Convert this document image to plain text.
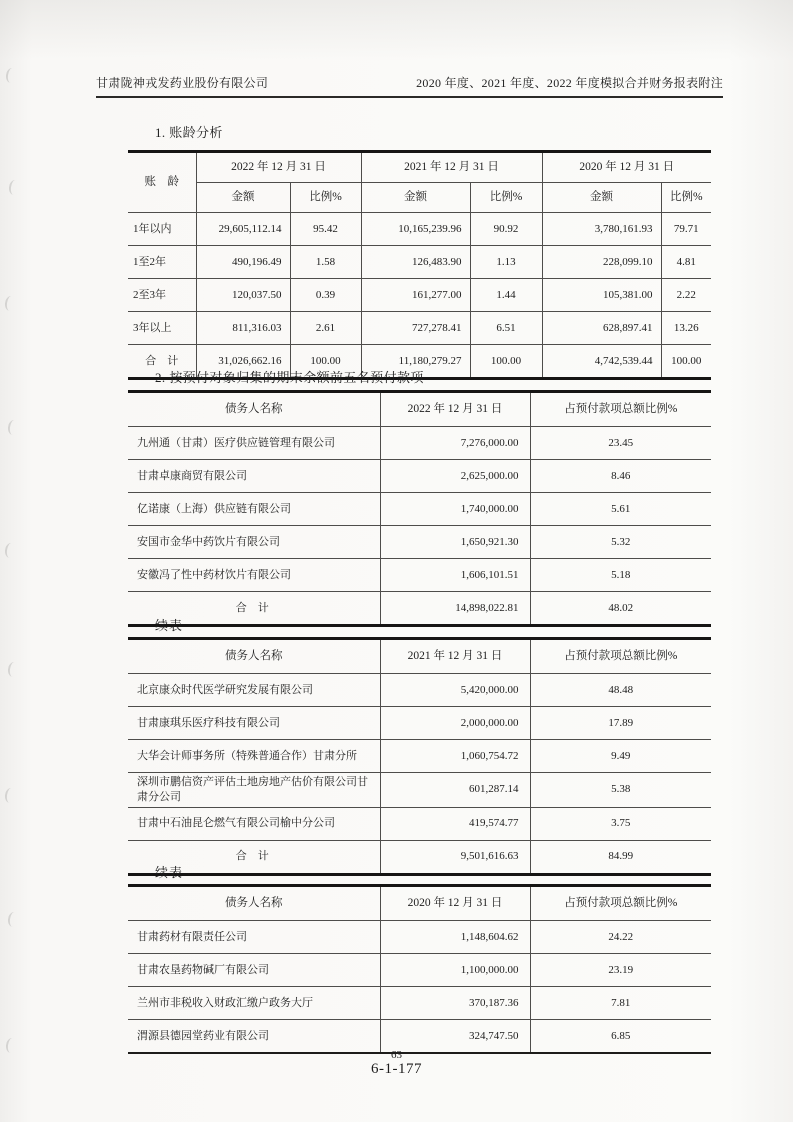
甘肃陇神戎发药业股份有限公司	2020 年度、2021 年度、2022 年度模拟合并财务报表附注
1. 账龄分析
账　龄	2022 年 12 月 31 日		2021 年 12 月 31 日		2020 年 12 月 31 日	
	金额	比例%	金额	比例%	金额	比例%
1年以内	29,605,112.14	95.42	10,165,239.96	90.92	3,780,161.93	79.71
1至2年	490,196.49	1.58	126,483.90	1.13	228,099.10	4.81
2至3年	120,037.50	0.39	161,277.00	1.44	105,381.00	2.22
3年以上	811,316.03	2.61	727,278.41	6.51	628,897.41	13.26
合　计	31,026,662.16	100.00	11,180,279.27	100.00	4,742,539.44	100.00
2. 按预付对象归集的期末余额前五名预付款项
债务人名称	2022 年 12 月 31 日	占预付款项总额比例%
九州通（甘肃）医疗供应链管理有限公司	7,276,000.00	23.45
甘肃卓康商贸有限公司	2,625,000.00	8.46
亿诺康（上海）供应链有限公司	1,740,000.00	5.61
安国市金华中药饮片有限公司	1,650,921.30	5.32
安徽冯了性中药材饮片有限公司	1,606,101.51	5.18
合　计	14,898,022.81	48.02
续表
债务人名称	2021 年 12 月 31 日	占预付款项总额比例%
北京康众时代医学研究发展有限公司	5,420,000.00	48.48
甘肃康琪乐医疗科技有限公司	2,000,000.00	17.89
大华会计师事务所（特殊普通合作）甘肃分所	1,060,754.72	9.49
深圳市鹏信资产评估土地房地产估价有限公司甘肃分公司	601,287.14	5.38
甘肃中石油昆仑燃气有限公司榆中分公司	419,574.77	3.75
合　计	9,501,616.63	84.99
续表
债务人名称	2020 年 12 月 31 日	占预付款项总额比例%
甘肃药材有限责任公司	1,148,604.62	24.22
甘肃农垦药物碱厂有限公司	1,100,000.00	23.19
兰州市非税收入财政汇缴户政务大厅	370,187.36	7.81
渭源县德园堂药业有限公司	324,747.50	6.85
63
6-1-177
